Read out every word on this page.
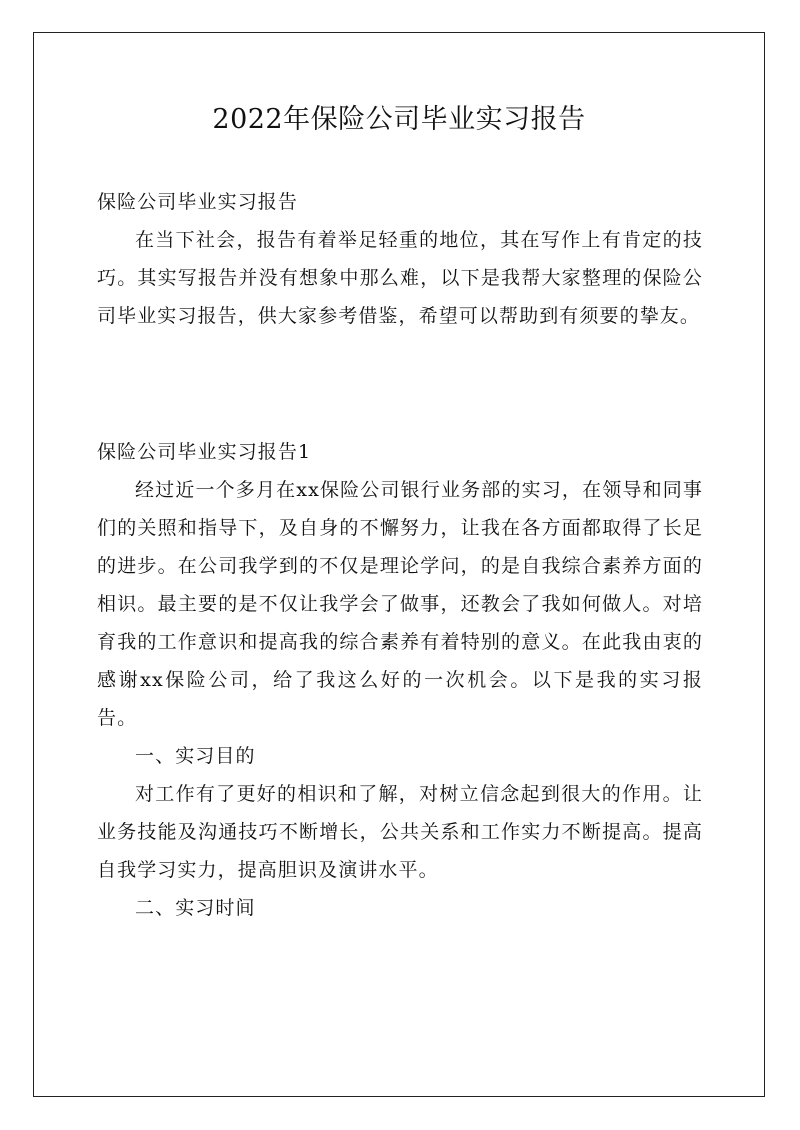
2022年保险公司毕业实习报告

保险公司毕业实习报告

在当下社会，报告有着举足轻重的地位，其在写作上有肯定的技巧。其实写报告并没有想象中那么难，以下是我帮大家整理的保险公司毕业实习报告，供大家参考借鉴，希望可以帮助到有须要的挚友。

保险公司毕业实习报告1

经过近一个多月在xx保险公司银行业务部的实习，在领导和同事们的关照和指导下，及自身的不懈努力，让我在各方面都取得了长足的进步。在公司我学到的不仅是理论学问，的是自我综合素养方面的相识。最主要的是不仅让我学会了做事，还教会了我如何做人。对培育我的工作意识和提高我的综合素养有着特别的意义。在此我由衷的感谢xx保险公司，给了我这么好的一次机会。以下是我的实习报告。

一、实习目的

对工作有了更好的相识和了解，对树立信念起到很大的作用。让业务技能及沟通技巧不断增长，公共关系和工作实力不断提高。提高自我学习实力，提高胆识及演讲水平。

二、实习时间
